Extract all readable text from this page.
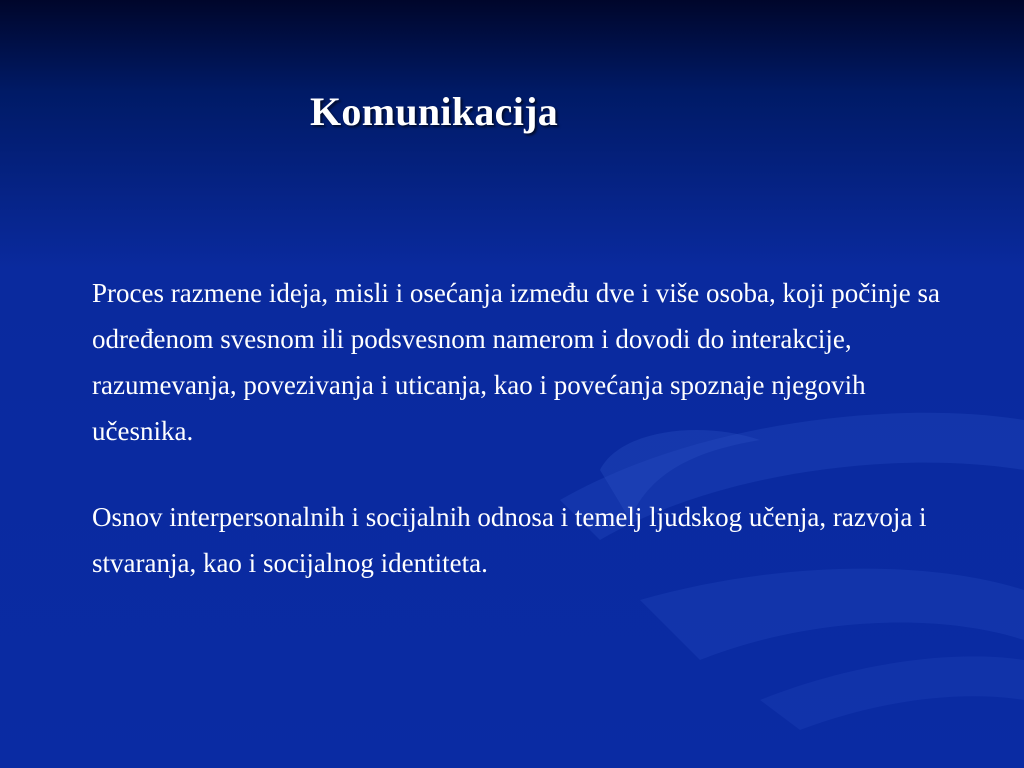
Komunikacija

Proces razmene ideja, misli i osećanja između dve i više osoba, koji počinje sa određenom svesnom ili podsvesnom namerom i dovodi do interakcije, razumevanja, povezivanja i uticanja, kao i povećanja spoznaje njegovih učesnika.

Osnov interpersonalnih i socijalnih odnosa i temelj ljudskog učenja, razvoja i stvaranja, kao i socijalnog identiteta.
